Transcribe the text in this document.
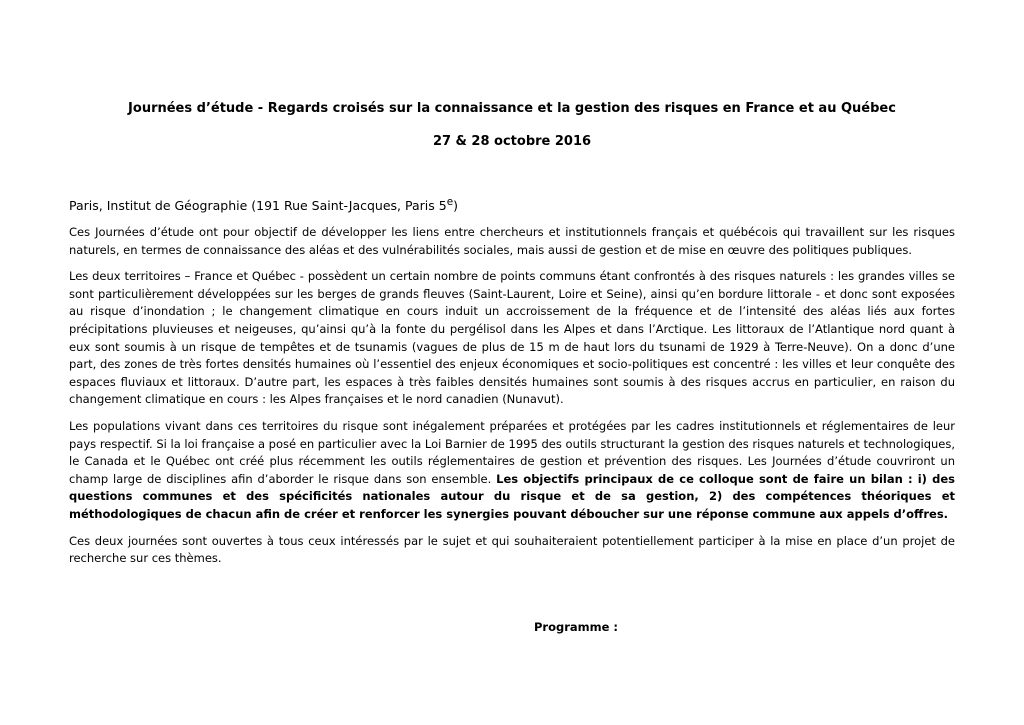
Journées d’étude - Regards croisés sur la connaissance et la gestion des risques en France et au Québec
27 & 28 octobre 2016

Paris, Institut de Géographie (191 Rue Saint-Jacques, Paris 5e)

Ces Journées d’étude ont pour objectif de développer les liens entre chercheurs et institutionnels français et québécois qui travaillent sur les risques naturels, en termes de connaissance des aléas et des vulnérabilités sociales, mais aussi de gestion et de mise en œuvre des politiques publiques.

Les deux territoires – France et Québec - possèdent un certain nombre de points communs étant confrontés à des risques naturels : les grandes villes se sont particulièrement développées sur les berges de grands fleuves (Saint-Laurent, Loire et Seine), ainsi qu’en bordure littorale - et donc sont exposées au risque d’inondation ; le changement climatique en cours induit un accroissement de la fréquence et de l’intensité des aléas liés aux fortes précipitations pluvieuses et neigeuses, qu’ainsi qu’à la fonte du pergélisol dans les Alpes et dans l’Arctique. Les littoraux de l’Atlantique nord quant à eux sont soumis à un risque de tempêtes et de tsunamis (vagues de plus de 15 m de haut lors du tsunami de 1929 à Terre-Neuve). On a donc d’une part, des zones de très fortes densités humaines où l’essentiel des enjeux économiques et socio-politiques est concentré : les villes et leur conquête des espaces fluviaux et littoraux. D’autre part, les espaces à très faibles densités humaines sont soumis à des risques accrus en particulier, en raison du changement climatique en cours : les Alpes françaises et le nord canadien (Nunavut).

Les populations vivant dans ces territoires du risque sont inégalement préparées et protégées par les cadres institutionnels et réglementaires de leur pays respectif. Si la loi française a posé en particulier avec la Loi Barnier de 1995 des outils structurant la gestion des risques naturels et technologiques, le Canada et le Québec ont créé plus récemment les outils réglementaires de gestion et prévention des risques. Les Journées d’étude couvriront un champ large de disciplines afin d’aborder le risque dans son ensemble. Les objectifs principaux de ce colloque sont de faire un bilan : i) des questions communes et des spécificités nationales autour du risque et de sa gestion, 2) des compétences théoriques et méthodologiques de chacun afin de créer et renforcer les synergies pouvant déboucher sur une réponse commune aux appels d’offres.

Ces deux journées sont ouvertes à tous ceux intéressés par le sujet et qui souhaiteraient potentiellement participer à la mise en place d’un projet de recherche sur ces thèmes.

Programme :
